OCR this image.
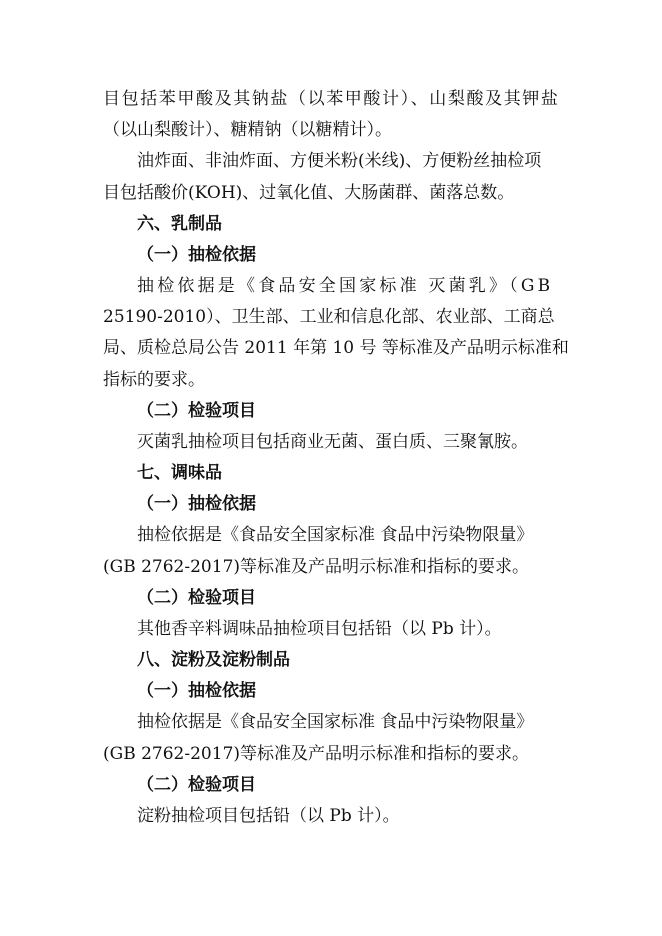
目包括苯甲酸及其钠盐（以苯甲酸计）、山梨酸及其钾盐
（以山梨酸计）、糖精钠（以糖精计）。
油炸面、非油炸面、方便米粉(米线)、方便粉丝抽检项
目包括酸价(KOH)、过氧化值、大肠菌群、菌落总数。
六、乳制品
（一）抽检依据
抽检依据是《食品安全国家标准 灭菌乳》（GB
25190-2010）、卫生部、工业和信息化部、农业部、工商总
局、质检总局公告 2011 年第 10 号 等标准及产品明示标准和
指标的要求。
（二）检验项目
灭菌乳抽检项目包括商业无菌、蛋白质、三聚氰胺。
七、调味品
（一）抽检依据
抽检依据是《食品安全国家标准 食品中污染物限量》
(GB 2762-2017)等标准及产品明示标准和指标的要求。
（二）检验项目
其他香辛料调味品抽检项目包括铅（以 Pb 计）。
八、淀粉及淀粉制品
（一）抽检依据
抽检依据是《食品安全国家标准 食品中污染物限量》
(GB 2762-2017)等标准及产品明示标准和指标的要求。
（二）检验项目
淀粉抽检项目包括铅（以 Pb 计）。
